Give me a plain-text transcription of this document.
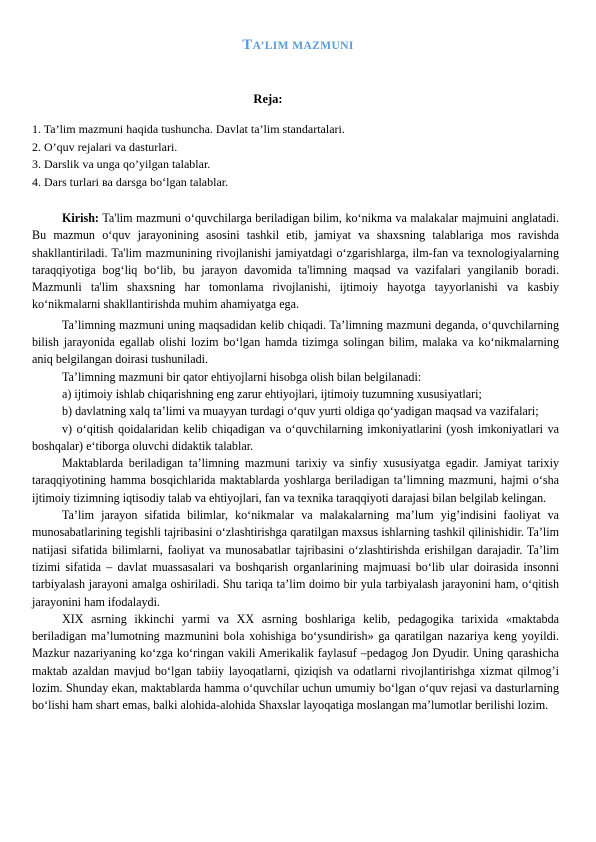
TA’LIM MAZMUNI
Reja:
1. Ta’lim mazmuni haqida tushuncha. Davlat ta’lim standartalari.
2. O’quv rejalari va dasturlari.
3. Darslik va unga qo’yilgan talablar.
4. Dars turlari ва darsga bo‘lgan talablar.

Kirish: Ta'lim mazmuni o‘quvchilarga beriladigan bilim, ko‘nikma va malakalar majmuini anglatadi. Bu mazmun o‘quv jarayonining asosini tashkil etib, jamiyat va shaxsning talablariga mos ravishda shakllantiriladi. Ta'lim mazmunining rivojlanishi jamiyatdagi o‘zgarishlarga, ilm-fan va texnologiyalarning taraqqiyotiga bog‘liq bo‘lib, bu jarayon davomida ta'limning maqsad va vazifalari yangilanib boradi. Mazmunli ta'lim shaxsning har tomonlama rivojlanishi, ijtimoiy hayotga tayyorlanishi va kasbiy ko‘nikmalarni shakllantirishda muhim ahamiyatga ega.

Ta’limning mazmuni uning maqsadidan kelib chiqadi. Ta’limning mazmuni deganda, o‘quvchilarning bilish jarayonida egallab olishi lozim bo‘lgan hamda tizimga solingan bilim, malaka va ko‘nikmalarning aniq belgilangan doirasi tushuniladi.

Ta’limning mazmuni bir qator ehtiyojlarni hisobga olish bilan belgilanadi:

a) ijtimoiy ishlab chiqarishning eng zarur ehtiyojlari, ijtimoiy tuzumning xususiyatlari;

b) davlatning xalq ta’limi va muayyan turdagi o‘quv yurti oldiga qo‘yadigan maqsad va vazifalari;

v) o‘qitish qoidalaridan kelib chiqadigan va o‘quvchilarning imkoniyatlarini (yosh imkoniyatlari va boshqalar) e‘tiborga oluvchi didaktik talablar.

Maktablarda beriladigan ta’limning mazmuni tarixiy va sinfiy xususiyatga egadir. Jamiyat tarixiy taraqqiyotining hamma bosqichlarida maktablarda yoshlarga beriladigan ta’limning mazmuni, hajmi o‘sha ijtimoiy tizimning iqtisodiy talab va ehtiyojlari, fan va texnika taraqqiyoti darajasi bilan belgilab kelingan.

Ta’lim jarayon sifatida bilimlar, ko‘nikmalar va malakalarning ma’lum yig’indisini faoliyat va munosabatlarining tegishli tajribasini o‘zlashtirishga qaratilgan maxsus ishlarning tashkil qilinishidir. Ta’lim natijasi sifatida bilimlarni, faoliyat va munosabatlar tajribasini o‘zlashtirishda erishilgan darajadir. Ta’lim tizimi sifatida – davlat muassasalari va boshqarish organlarining majmuasi bo‘lib ular doirasida insonni tarbiyalash jarayoni amalga oshiriladi. Shu tariqa ta’lim doimo bir yula tarbiyalash jarayonini ham, o‘qitish jarayonini ham ifodalaydi.

XIX asrning ikkinchi yarmi va XX asrning boshlariga kelib, pedagogika tarixida «maktabda beriladigan ma’lumotning mazmunini bola xohishiga bo‘ysundirish» ga qaratilgan nazariya keng yoyildi. Mazkur nazariyaning ko‘zga ko‘ringan vakili Amerikalik faylasuf –pedagog Jon Dyudir. Uning qarashicha maktab azaldan mavjud bo‘lgan tabiiy layoqatlarni, qiziqish va odatlarni rivojlantirishga xizmat qilmog’i lozim. Shunday ekan, maktablarda hamma o‘quvchilar uchun umumiy bo‘lgan o‘quv rejasi va dasturlarning bo‘lishi ham shart emas, balki alohida-alohida Shaxslar layoqatiga moslangan ma’lumotlar berilishi lozim.
